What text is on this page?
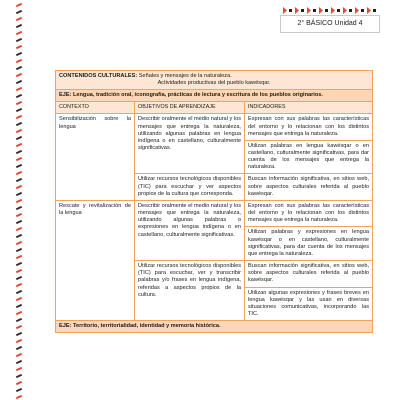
2° BÁSICO Unidad 4
CONTENIDOS CULTURALES: Señales y mensajes de la naturaleza.
Actividades productivas del pueblo kawésqar.		

EJE: Lengua, tradición oral, iconografía, prácticas de lectura y escritura de los pueblos originarios.		
CONTEXTO	OBJETIVOS DE APRENDIZAJE	INDICADORES
Sensibilización sobre la lengua	Describir oralmente el medio natural y los mensajes que entrega la naturaleza, utilizando algunas palabras en lengua indígena o en castellano, culturalmente significativas.	Expresan con sus palabras las características del entorno y lo relacionan con los distintos mensajes que entrega la naturaleza.
		Utilizan palabras en lengua kawésqar o en castellano, culturalmente significativas, para dar cuenta de los mensajes que entrega la naturaleza.
	Utilizar recursos tecnológicos disponibles (TIC) para escuchar y ver aspectos propios de la cultura que corresponda.	Buscan información significativa, en sitios web, sobre aspectos culturales referida al pueblo kawésqar.
Rescate y revitalización de la lengua	Describir oralmente el medio natural y los mensajes que entrega la naturaleza, utilizando algunas palabras o expresiones en lengua indígena o en castellano, culturalmente significativas.	Expresan con sus palabras las características del entorno y lo relacionan con los distintos mensajes que entrega la naturaleza.
		Utilizan palabras y expresiones en lengua kawésqar o en castellano, culturalmente significativas, para dar cuenta de los mensajes que entrega la naturaleza.
	Utilizar recursos tecnológicos disponibles (TIC) para escuchar, ver y transcribir palabras y/o frases en lengua indígena, referidas a aspectos propios de la cultura.	Buscan información significativa, en sitios web, sobre aspectos culturales referida al pueblo kawésqar.
		Utilizan algunas expresiones y frases breves en lengua kawésqar y las usan en diversas situaciones comunicativas, incorporando las TIC.
EJE: Territorio, territorialidad, identidad y memoria histórica.		
